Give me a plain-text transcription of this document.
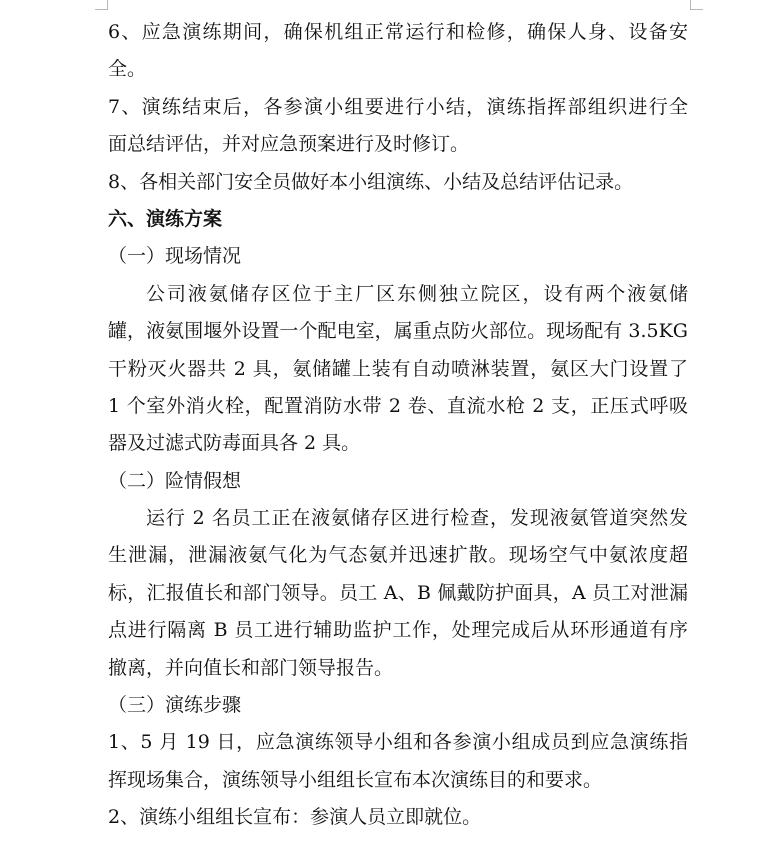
6、应急演练期间，确保机组正常运行和检修，确保人身、设备安
全。
7、演练结束后，各参演小组要进行小结，演练指挥部组织进行全
面总结评估，并对应急预案进行及时修订。
8、各相关部门安全员做好本小组演练、小结及总结评估记录。
六、演练方案
（一）现场情况
公司液氨储存区位于主厂区东侧独立院区，设有两个液氨储
罐，液氨围堰外设置一个配电室，属重点防火部位。现场配有 3.5KG
干粉灭火器共 2 具，氨储罐上装有自动喷淋装置，氨区大门设置了
1 个室外消火栓，配置消防水带 2 卷、直流水枪 2 支，正压式呼吸
器及过滤式防毒面具各 2 具。
（二）险情假想
运行 2 名员工正在液氨储存区进行检查，发现液氨管道突然发
生泄漏，泄漏液氨气化为气态氨并迅速扩散。现场空气中氨浓度超
标，汇报值长和部门领导。员工 A、B 佩戴防护面具，A 员工对泄漏
点进行隔离 B 员工进行辅助监护工作，处理完成后从环形通道有序
撤离，并向值长和部门领导报告。
（三）演练步骤
1、5 月 19 日，应急演练领导小组和各参演小组成员到应急演练指
挥现场集合，演练领导小组组长宣布本次演练目的和要求。
2、演练小组组长宣布：参演人员立即就位。
